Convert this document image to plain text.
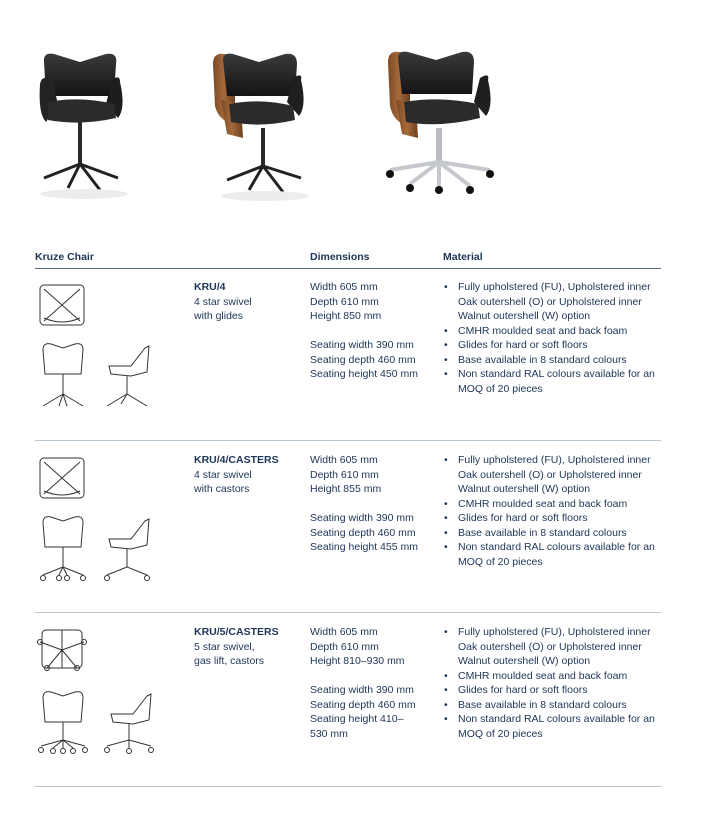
Kruze Chair	Dimensions	Material
KRU/4
4 star swivel
with glides
Width 605 mm
Depth 610 mm
Height 850 mm
Seating width 390 mm
Seating depth 460 mm
Seating height 450 mm
• Fully upholstered (FU), Upholstered inner Oak outershell (O) or Upholstered inner Walnut outershell (W) option
• CMHR moulded seat and back foam
• Glides for hard or soft floors
• Base available in 8 standard colours
• Non standard RAL colours available for an MOQ of 20 pieces
KRU/4/CASTERS
4 star swivel
with castors
Width 605 mm
Depth 610 mm
Height 855 mm
Seating width 390 mm
Seating depth 460 mm
Seating height 455 mm
• Fully upholstered (FU), Upholstered inner Oak outershell (O) or Upholstered inner Walnut outershell (W) option
• CMHR moulded seat and back foam
• Glides for hard or soft floors
• Base available in 8 standard colours
• Non standard RAL colours available for an MOQ of 20 pieces
KRU/5/CASTERS
5 star swivel,
gas lift, castors
Width 605 mm
Depth 610 mm
Height 810–930 mm
Seating width 390 mm
Seating depth 460 mm
Seating height 410–
530 mm
• Fully upholstered (FU), Upholstered inner Oak outershell (O) or Upholstered inner Walnut outershell (W) option
• CMHR moulded seat and back foam
• Glides for hard or soft floors
• Base available in 8 standard colours
• Non standard RAL colours available for an MOQ of 20 pieces
